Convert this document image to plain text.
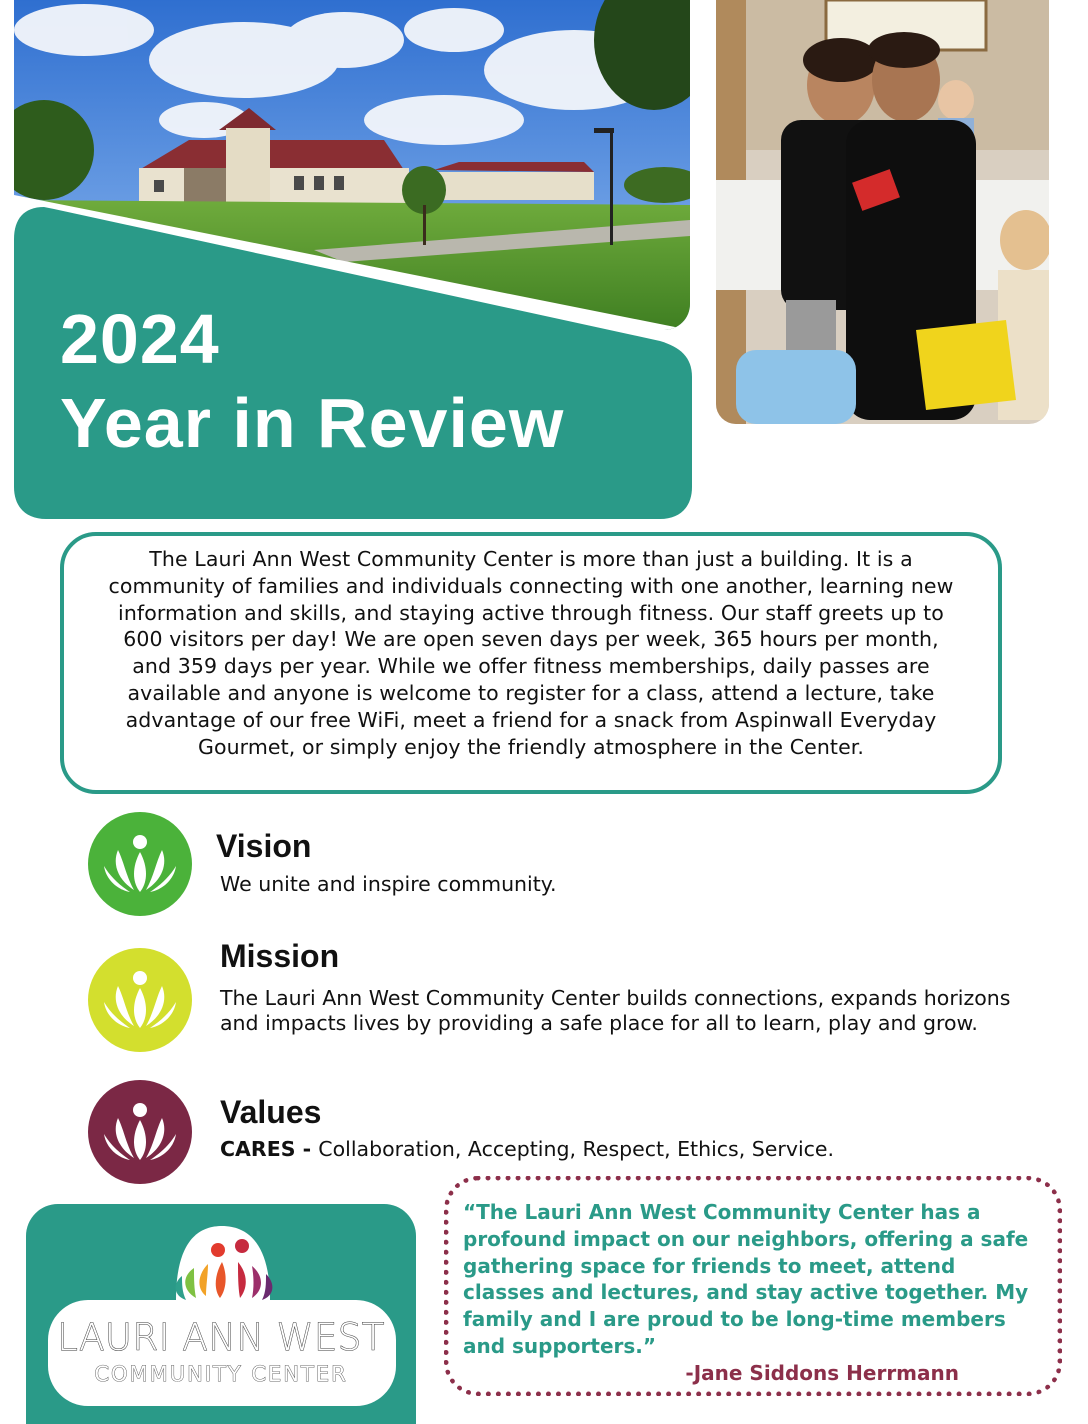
2024
Year in Review

The Lauri Ann West Community Center is more than just a building. It is a community of families and individuals connecting with one another, learning new information and skills, and staying active through fitness. Our staff greets up to 600 visitors per day! We are open seven days per week, 365 hours per month, and 359 days per year. While we offer fitness memberships, daily passes are available and anyone is welcome to register for a class, attend a lecture, take advantage of our free WiFi, meet a friend for a snack from Aspinwall Everyday Gourmet, or simply enjoy the friendly atmosphere in the Center.

Vision

We unite and inspire community.

Mission

The Lauri Ann West Community Center builds connections, expands horizons and impacts lives by providing a safe place for all to learn, play and grow.

Values

CARES - Collaboration, Accepting, Respect, Ethics, Service.

LAURI ANN WEST
COMMUNITY CENTER

“The Lauri Ann West Community Center has a profound impact on our neighbors, offering a safe gathering space for friends to meet, attend classes and lectures, and stay active together. My family and I are proud to be long-time members and supporters.”

-Jane Siddons Herrmann
